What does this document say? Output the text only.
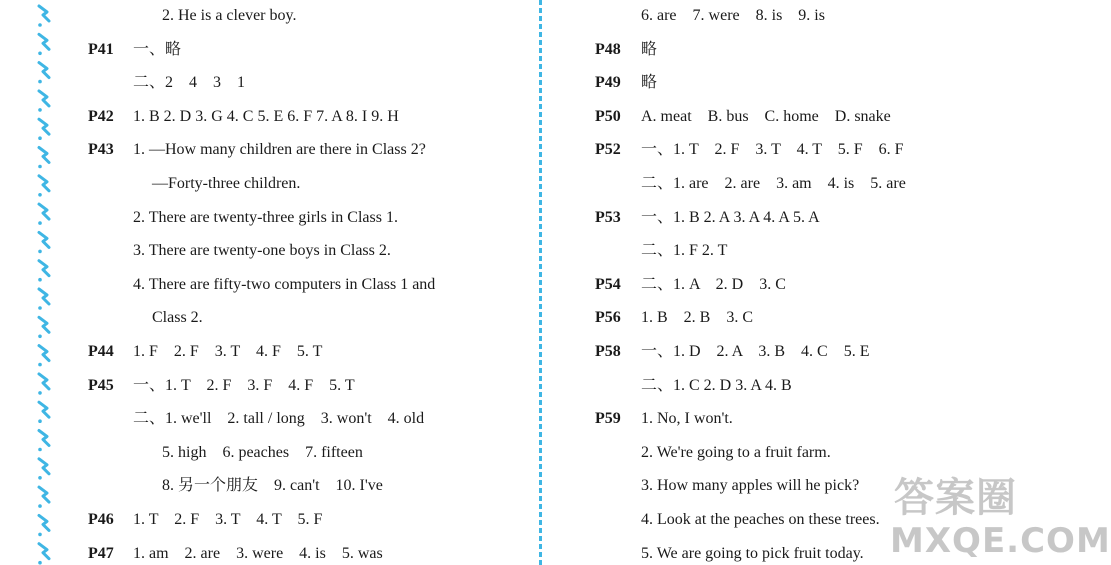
2. He is a clever boy.
P41 一、略
二、2    4    3    1
P42 1. B 2. D 3. G 4. C 5. E 6. F 7. A 8. I 9. H
P43 1. —How many children are there in Class 2?
—Forty-three children.
2. There are twenty-three girls in Class 1.
3. There are twenty-one boys in Class 2.
4. There are fifty-two computers in Class 1 and
Class 2.
P44 1. F    2. F    3. T    4. F    5. T
P45 一、1. T    2. F    3. F    4. F    5. T
二、1. we'll    2. tall / long    3. won't    4. old
5. high    6. peaches    7. fifteen
8. 另一个朋友    9. can't    10. I've
P46 1. T    2. F    3. T    4. T    5. F
P47 1. am    2. are    3. were    4. is    5. was
6. are    7. were    8. is    9. is
P48 略
P49 略
P50 A. meat    B. bus    C. home    D. snake
P52 一、1. T    2. F    3. T    4. T    5. F    6. F
二、1. are    2. are    3. am    4. is    5. are
P53 一、1. B 2. A 3. A 4. A 5. A
二、1. F 2. T
P54 二、1. A    2. D    3. C
P56 1. B    2. B    3. C
P58 一、1. D    2. A    3. B    4. C    5. E
二、1. C 2. D 3. A 4. B
P59 1. No, I won't.
2. We're going to a fruit farm.
3. How many apples will he pick?
4. Look at the peaches on these trees.
5. We are going to pick fruit today.
答案圈
MXQE.COM
